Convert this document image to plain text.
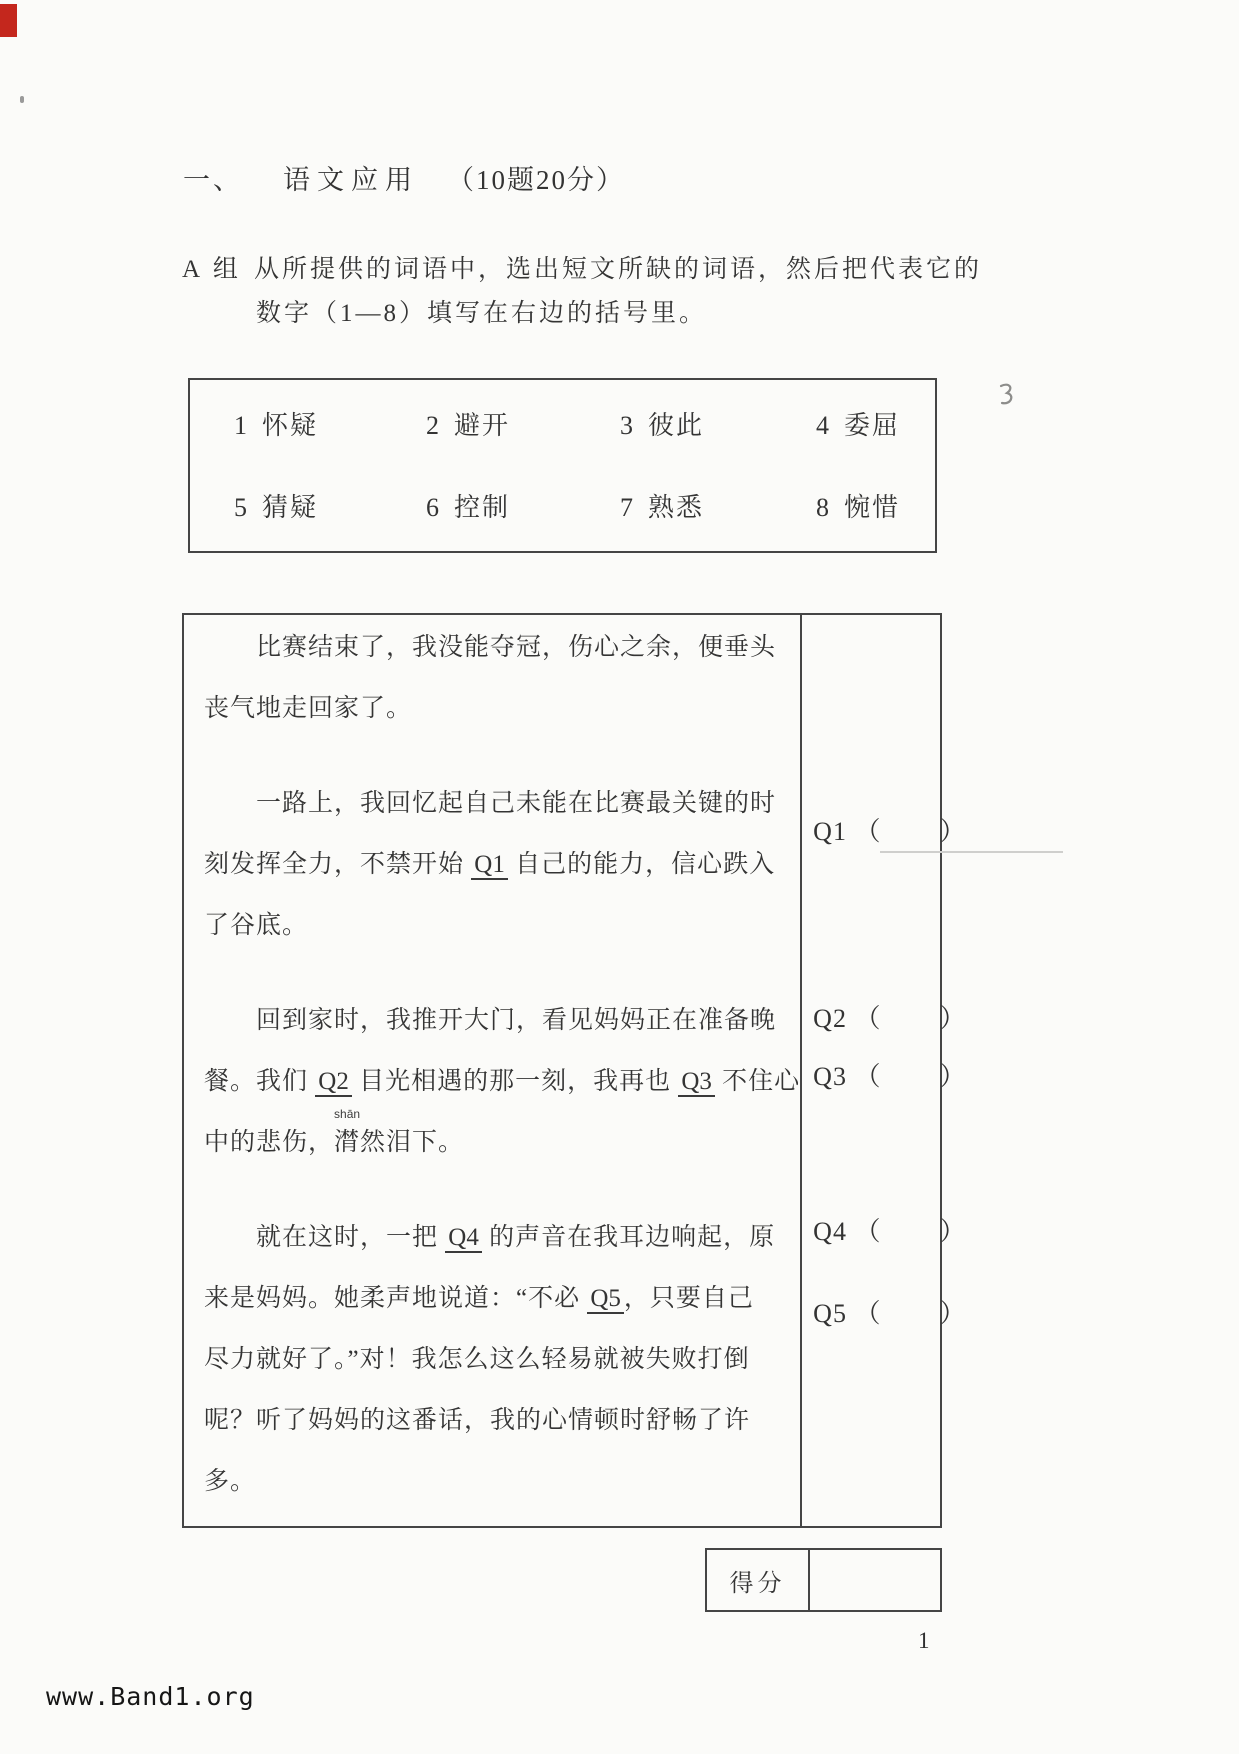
一、 语文应用 （10题20分）
A 组 从所提供的词语中，选出短文所缺的词语，然后把代表它的
数字（1—8）填写在右边的括号里。
1 怀疑	2 避开	3 彼此	4 委屈
5 猜疑	6 控制	7 熟悉	8 惋惜
比赛结束了，我没能夺冠，伤心之余，便垂头
丧气地走回家了。
一路上，我回忆起自己未能在比赛最关键的时
刻发挥全力，不禁开始 Q1 自己的能力，信心跌入
了谷底。
回到家时，我推开大门，看见妈妈正在准备晚
餐。我们 Q2 目光相遇的那一刻，我再也 Q3 不住心
中的悲伤，潸
shān
然泪下。
就在这时，一把 Q4 的声音在我耳边响起，原
来是妈妈。她柔声地说道：“不必 Q5 ，只要自己
尽力就好了。”对！我怎么这么轻易就被失败打倒
呢？听了妈妈的这番话，我的心情顿时舒畅了许
多。
Q1 （ ）
Q2 （ ）
Q3 （ ）
Q4 （ ）
Q5 （ ）
得分
1
www.Band1.org
